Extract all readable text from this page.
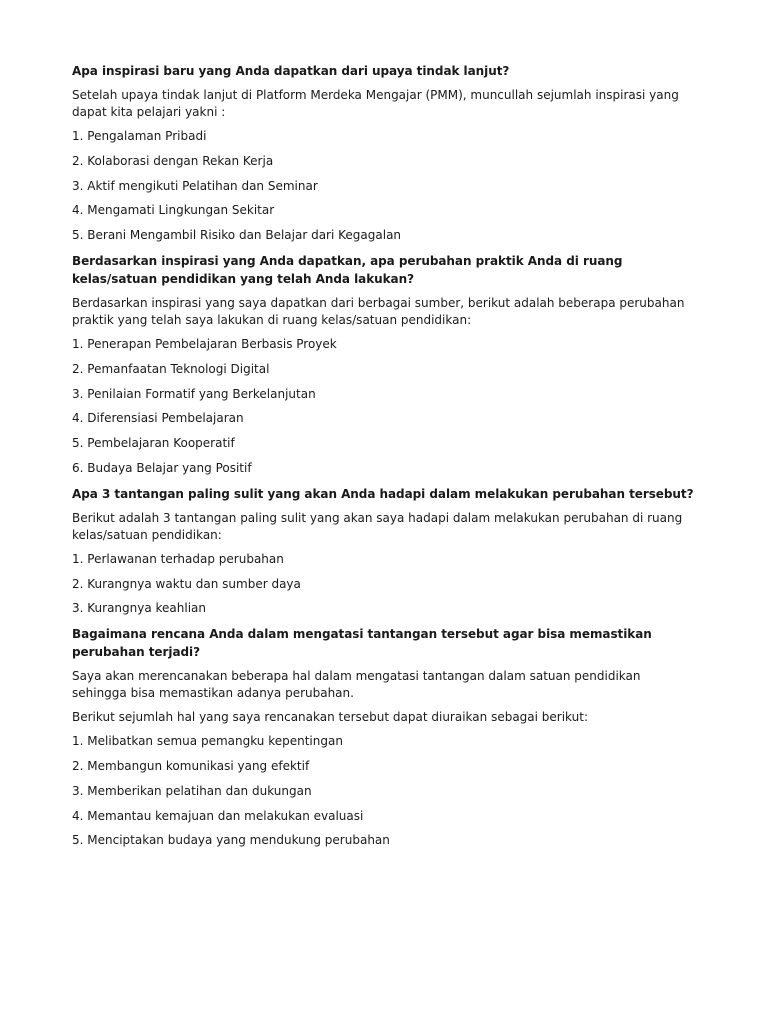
Apa inspirasi baru yang Anda dapatkan dari upaya tindak lanjut?

Setelah upaya tindak lanjut di Platform Merdeka Mengajar (PMM), muncullah sejumlah inspirasi yang dapat kita pelajari yakni :

1. Pengalaman Pribadi
2. Kolaborasi dengan Rekan Kerja
3. Aktif mengikuti Pelatihan dan Seminar
4. Mengamati Lingkungan Sekitar
5. Berani Mengambil Risiko dan Belajar dari Kegagalan

Berdasarkan inspirasi yang Anda dapatkan, apa perubahan praktik Anda di ruang kelas/satuan pendidikan yang telah Anda lakukan?

Berdasarkan inspirasi yang saya dapatkan dari berbagai sumber, berikut adalah beberapa perubahan praktik yang telah saya lakukan di ruang kelas/satuan pendidikan:

1. Penerapan Pembelajaran Berbasis Proyek
2. Pemanfaatan Teknologi Digital
3. Penilaian Formatif yang Berkelanjutan
4. Diferensiasi Pembelajaran
5. Pembelajaran Kooperatif
6. Budaya Belajar yang Positif

Apa 3 tantangan paling sulit yang akan Anda hadapi dalam melakukan perubahan tersebut?

Berikut adalah 3 tantangan paling sulit yang akan saya hadapi dalam melakukan perubahan di ruang kelas/satuan pendidikan:

1. Perlawanan terhadap perubahan
2. Kurangnya waktu dan sumber daya
3. Kurangnya keahlian

Bagaimana rencana Anda dalam mengatasi tantangan tersebut agar bisa memastikan perubahan terjadi?

Saya akan merencanakan beberapa hal dalam mengatasi tantangan dalam satuan pendidikan sehingga bisa memastikan adanya perubahan.

Berikut sejumlah hal yang saya rencanakan tersebut dapat diuraikan sebagai berikut:

1. Melibatkan semua pemangku kepentingan
2. Membangun komunikasi yang efektif
3. Memberikan pelatihan dan dukungan
4. Memantau kemajuan dan melakukan evaluasi
5. Menciptakan budaya yang mendukung perubahan
